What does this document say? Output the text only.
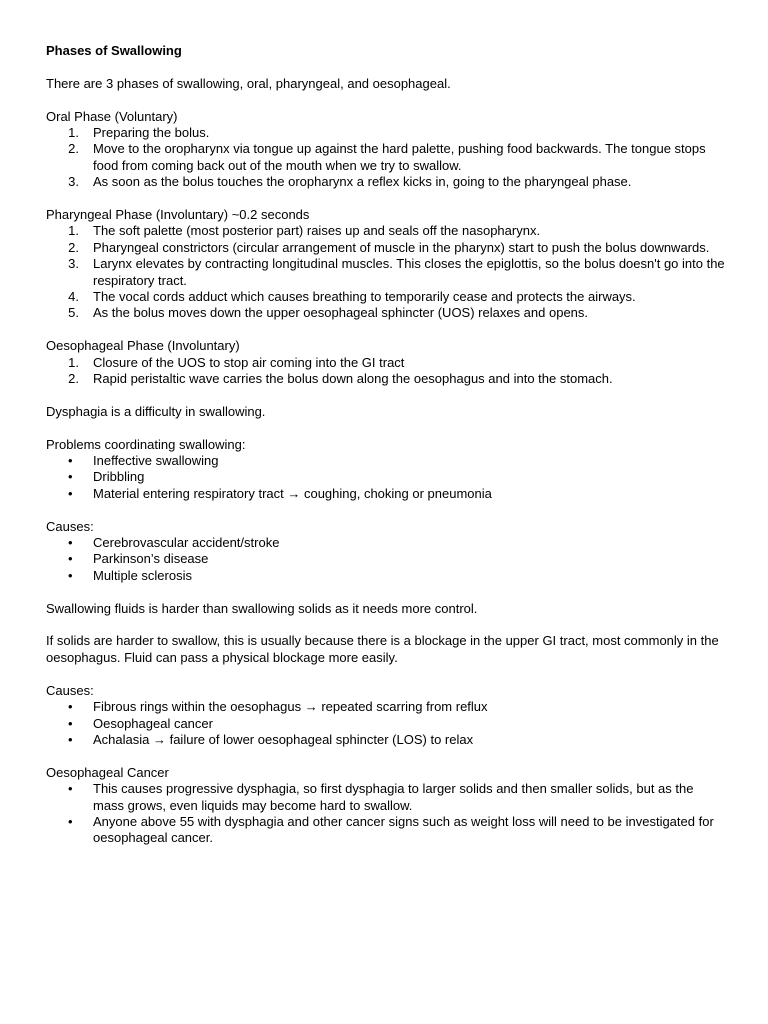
Phases of Swallowing

There are 3 phases of swallowing, oral, pharyngeal, and oesophageal.

Oral Phase (Voluntary)
1. Preparing the bolus.
2. Move to the oropharynx via tongue up against the hard palette, pushing food backwards. The tongue stops food from coming back out of the mouth when we try to swallow.
3. As soon as the bolus touches the oropharynx a reflex kicks in, going to the pharyngeal phase.
Pharyngeal Phase (Involuntary) ~0.2 seconds
1. The soft palette (most posterior part) raises up and seals off the nasopharynx.
2. Pharyngeal constrictors (circular arrangement of muscle in the pharynx) start to push the bolus downwards.
3. Larynx elevates by contracting longitudinal muscles. This closes the epiglottis, so the bolus doesn't go into the respiratory tract.
4. The vocal cords adduct which causes breathing to temporarily cease and protects the airways.
5. As the bolus moves down the upper oesophageal sphincter (UOS) relaxes and opens.
Oesophageal Phase (Involuntary)
1. Closure of the UOS to stop air coming into the GI tract
2. Rapid peristaltic wave carries the bolus down along the oesophagus and into the stomach.

Dysphagia is a difficulty in swallowing.

Problems coordinating swallowing:
• Ineffective swallowing
• Dribbling
• Material entering respiratory tract → coughing, choking or pneumonia
Causes:
• Cerebrovascular accident/stroke
• Parkinson’s disease
• Multiple sclerosis

Swallowing fluids is harder than swallowing solids as it needs more control.

If solids are harder to swallow, this is usually because there is a blockage in the upper GI tract, most commonly in the oesophagus. Fluid can pass a physical blockage more easily.

Causes:
• Fibrous rings within the oesophagus → repeated scarring from reflux
• Oesophageal cancer
• Achalasia → failure of lower oesophageal sphincter (LOS) to relax
Oesophageal Cancer
• This causes progressive dysphagia, so first dysphagia to larger solids and then smaller solids, but as the mass grows, even liquids may become hard to swallow.
• Anyone above 55 with dysphagia and other cancer signs such as weight loss will need to be investigated for oesophageal cancer.
